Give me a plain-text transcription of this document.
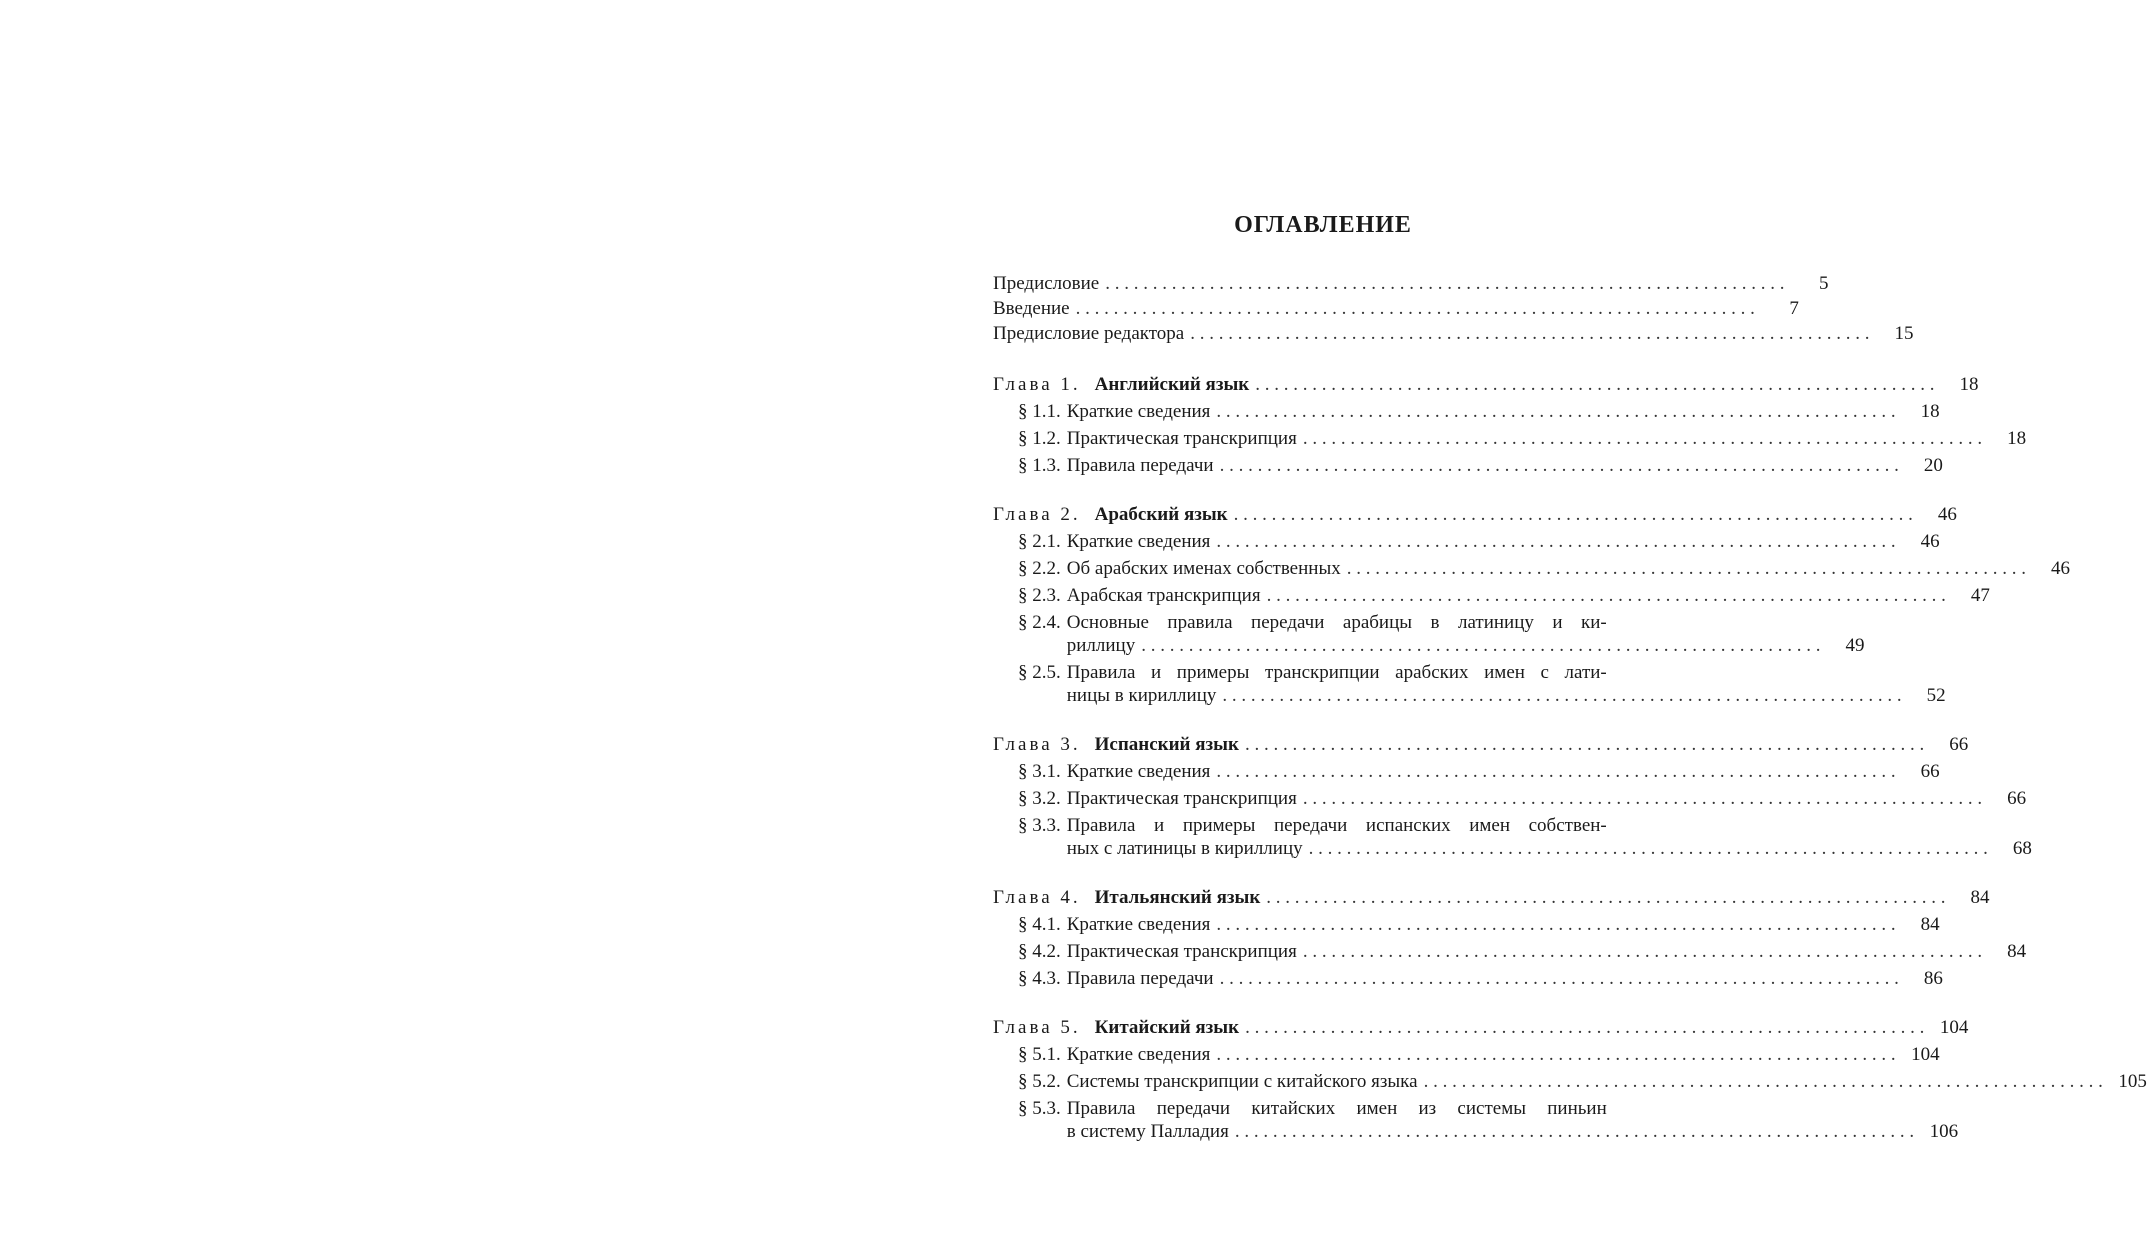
ОГЛАВЛЕНИЕ
Предисловие . . .	5
Введение . . .	7
Предисловие редактора . . .	15
Глава 1. Английский язык . . .	18
§ 1.1. Краткие сведения . . .	18
§ 1.2. Практическая транскрипция . . .	18
§ 1.3. Правила передачи . . .	20
Глава 2. Арабский язык . . .	46
§ 2.1. Краткие сведения . . .	46
§ 2.2. Об арабских именах собственных . . .	46
§ 2.3. Арабская транскрипция . . .	47
§ 2.4. Основные правила передачи арабицы в латиницу и ки-
риллицу . . .	49
§ 2.5. Правила и примеры транскрипции арабских имен с лати-
ницы в кириллицу . . .	52
Глава 3. Испанский язык . . .	66
§ 3.1. Краткие сведения . . .	66
§ 3.2. Практическая транскрипция . . .	66
§ 3.3. Правила и примеры передачи испанских имен собствен-
ных с латиницы в кириллицу . . .	68
Глава 4. Итальянский язык . . .	84
§ 4.1. Краткие сведения . . .	84
§ 4.2. Практическая транскрипция . . .	84
§ 4.3. Правила передачи . . .	86
Глава 5. Китайский язык . . .	104
§ 5.1. Краткие сведения . . .	104
§ 5.2. Системы транскрипции с китайского языка . . .	105
§ 5.3. Правила передачи китайских имен из системы пиньин
в систему Палладия . . .	106
